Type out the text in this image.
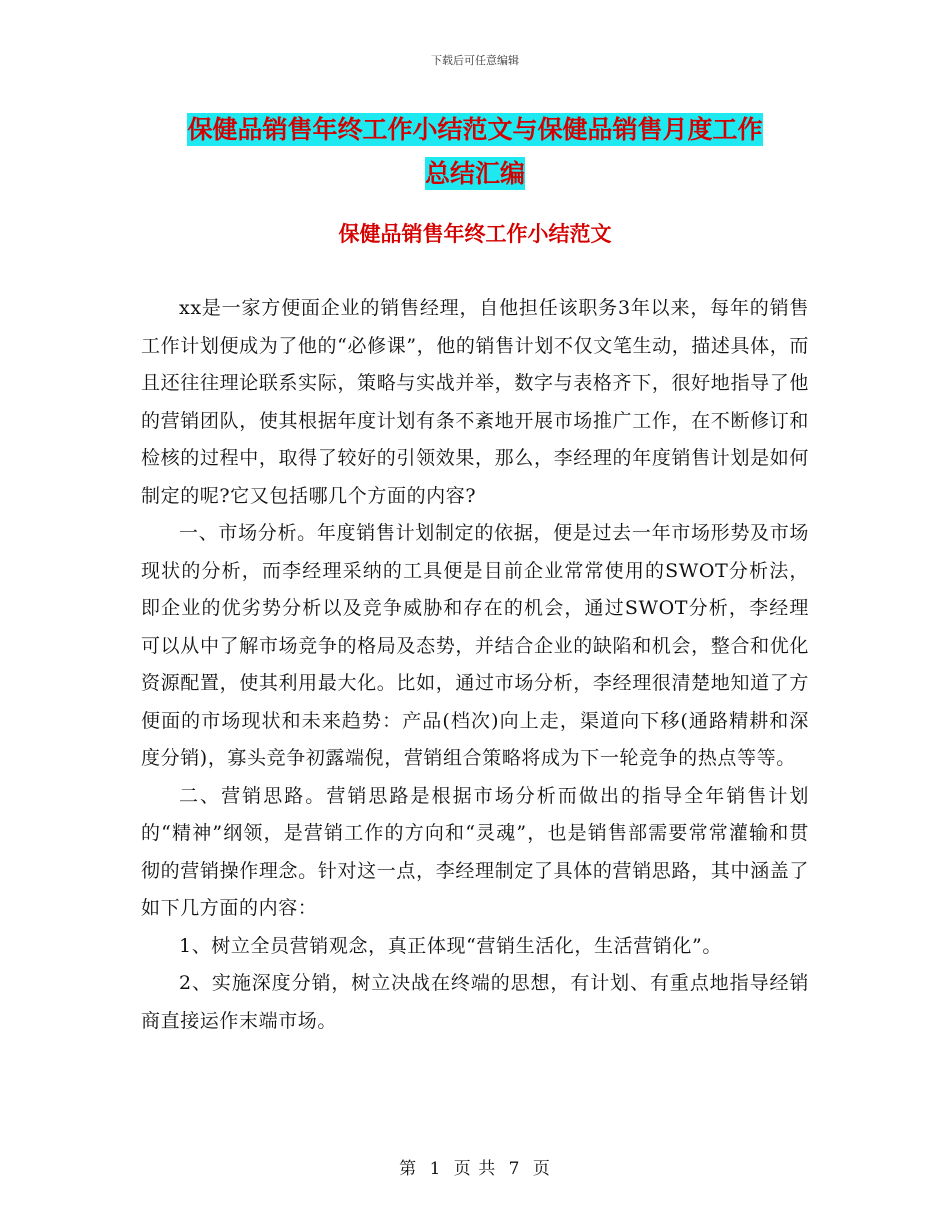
下载后可任意编辑
保健品销售年终工作小结范文与保健品销售月度工作
总结汇编
保健品销售年终工作小结范文

xx是一家方便面企业的销售经理，自他担任该职务3年以来，每年的销售工作计划便成为了他的“必修课”，他的销售计划不仅文笔生动，描述具体，而且还往往理论联系实际，策略与实战并举，数字与表格齐下，很好地指导了他的营销团队，使其根据年度计划有条不紊地开展市场推广工作，在不断修订和检核的过程中，取得了较好的引领效果，那么，李经理的年度销售计划是如何制定的呢?它又包括哪几个方面的内容?

一、市场分析。年度销售计划制定的依据，便是过去一年市场形势及市场现状的分析，而李经理采纳的工具便是目前企业常常使用的SWOT分析法，即企业的优劣势分析以及竞争威胁和存在的机会，通过SWOT分析，李经理可以从中了解市场竞争的格局及态势，并结合企业的缺陷和机会，整合和优化资源配置，使其利用最大化。比如，通过市场分析，李经理很清楚地知道了方便面的市场现状和未来趋势：产品(档次)向上走，渠道向下移(通路精耕和深度分销)，寡头竞争初露端倪，营销组合策略将成为下一轮竞争的热点等等。

二、营销思路。营销思路是根据市场分析而做出的指导全年销售计划的“精神”纲领，是营销工作的方向和“灵魂”，也是销售部需要常常灌输和贯彻的营销操作理念。针对这一点，李经理制定了具体的营销思路，其中涵盖了如下几方面的内容：

1、树立全员营销观念，真正体现“营销生活化，生活营销化”。

2、实施深度分销，树立决战在终端的思想，有计划、有重点地指导经销商直接运作末端市场。

第 1 页 共 7 页
